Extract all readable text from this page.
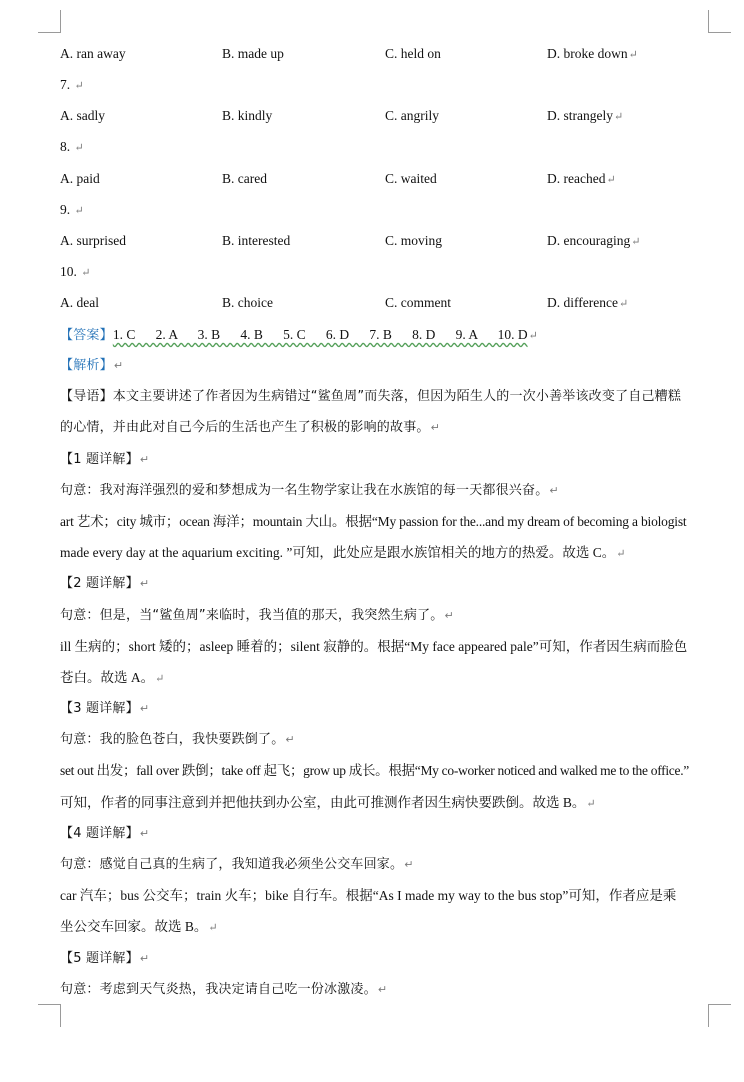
A. ran away	B. made up	C. held on	D. broke down↵
7. ↵
A. sadly	B. kindly	C. angrily	D. strangely↵
8. ↵
A. paid	B. cared	C. waited	D. reached↵
9. ↵
A. surprised	B. interested	C. moving	D. encouraging↵
10. ↵
A. deal	B. choice	C. comment	D. difference↵
【答案】1. C      2. A      3. B      4. B      5. C      6. D      7. B      8. D      9. A      10. D↵
【解析】↵
【导语】本文主要讲述了作者因为生病错过“鲨鱼周”而失落，但因为陌生人的一次小善举该改变了自己糟糕
的心情，并由此对自己今后的生活也产生了积极的影响的故事。↵
【1 题详解】↵
句意：我对海洋强烈的爱和梦想成为一名生物学家让我在水族馆的每一天都很兴奋。↵
art 艺术；city 城市；ocean 海洋；mountain 大山。根据“My passion for the...and my dream of becoming a biologist
made every day at the aquarium exciting. ”可知，此处应是跟水族馆相关的地方的热爱。故选 C。↵
【2 题详解】↵
句意：但是，当“鲨鱼周”来临时，我当值的那天，我突然生病了。↵
ill 生病的；short 矮的；asleep 睡着的；silent 寂静的。根据“My face appeared pale”可知，作者因生病而脸色
苍白。故选 A。↵
【3 题详解】↵
句意：我的脸色苍白，我快要跌倒了。↵
set out 出发；fall over 跌倒；take off 起飞；grow up 成长。根据“My co-worker noticed and walked me to the office.”
可知，作者的同事注意到并把他扶到办公室，由此可推测作者因生病快要跌倒。故选 B。↵
【4 题详解】↵
句意：感觉自己真的生病了，我知道我必须坐公交车回家。↵
car 汽车；bus 公交车；train 火车；bike 自行车。根据“As I made my way to the bus stop”可知，作者应是乘
坐公交车回家。故选 B。↵
【5 题详解】↵
句意：考虑到天气炎热，我决定请自己吃一份冰激凌。↵
